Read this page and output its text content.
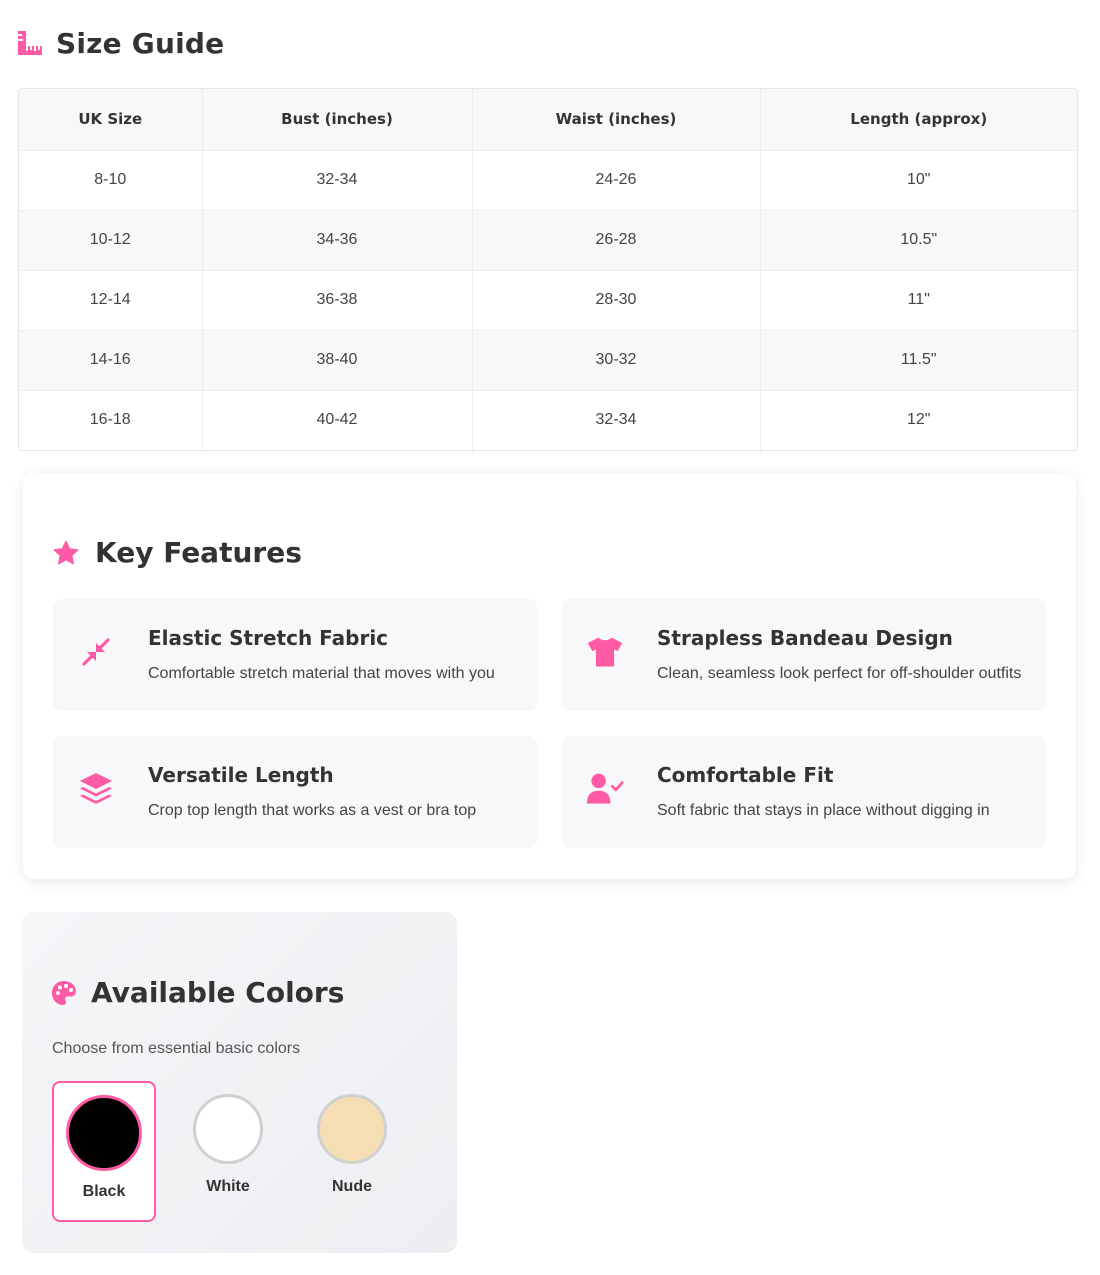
Size Guide
UK Size	Bust (inches)	Waist (inches)	Length (approx)
8-10	32-34	24-26	10"
10-12	34-36	26-28	10.5"
12-14	36-38	28-30	11"
14-16	38-40	30-32	11.5"
16-18	40-42	32-34	12"
Key Features
Elastic Stretch Fabric

Comfortable stretch material that moves with you

Strapless Bandeau Design

Clean, seamless look perfect for off-shoulder outfits

Versatile Length

Crop top length that works as a vest or bra top

Comfortable Fit

Soft fabric that stays in place without digging in

Available Colors

Choose from essential basic colors

Black	White	Nude
